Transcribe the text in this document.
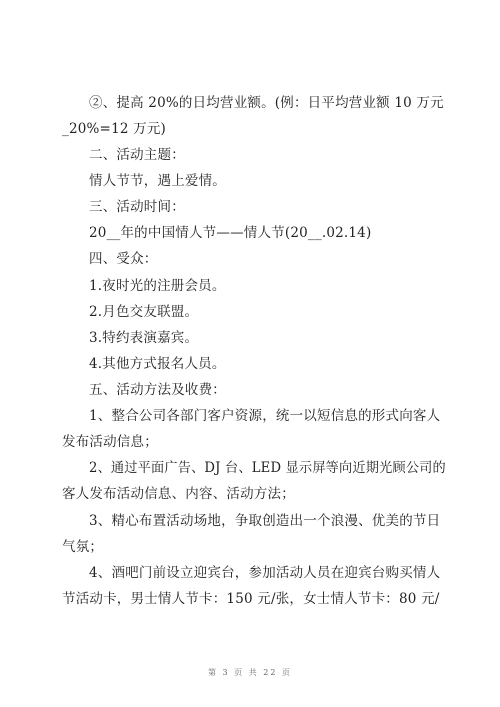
②、提高 20%的日均营业额。(例：日平均营业额 10 万元
_20%=12 万元)
二、活动主题：
情人节节，遇上爱情。
三、活动时间：
20__年的中国情人节——情人节(20__.02.14)
四、受众：
1.夜时光的注册会员。
2.月色交友联盟。
3.特约表演嘉宾。
4.其他方式报名人员。
五、活动方法及收费：
1、整合公司各部门客户资源，统一以短信息的形式向客人
发布活动信息；
2、通过平面广告、DJ 台、LED 显示屏等向近期光顾公司的
客人发布活动信息、内容、活动方法；
3、精心布置活动场地，争取创造出一个浪漫、优美的节日
气氛；
4、酒吧门前设立迎宾台，参加活动人员在迎宾台购买情人
节活动卡，男士情人节卡：150 元/张，女士情人节卡：80 元/
第 3 页 共 22 页
